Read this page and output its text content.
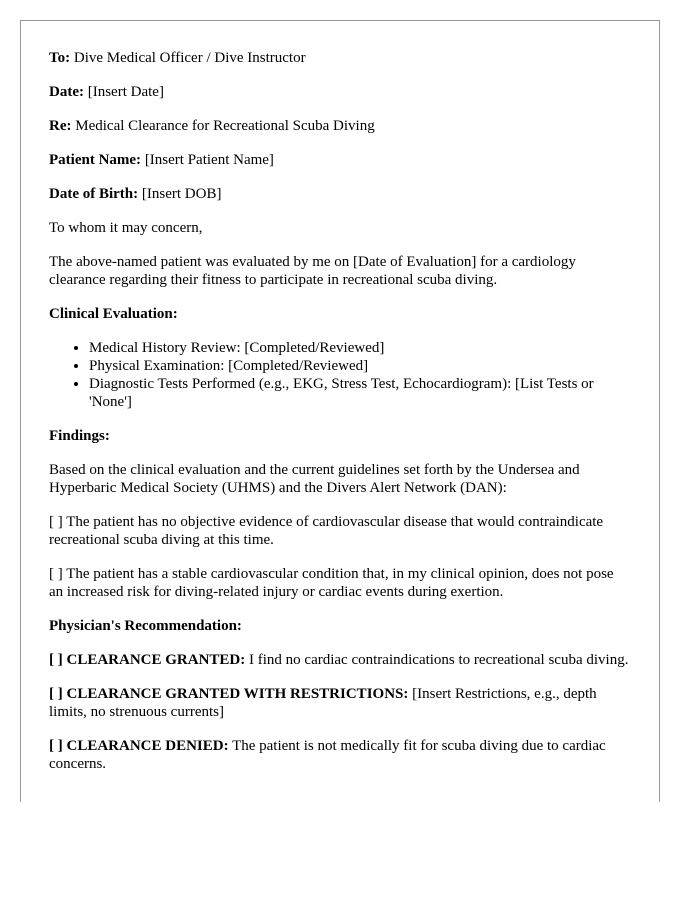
To: Dive Medical Officer / Dive Instructor

Date: [Insert Date]

Re: Medical Clearance for Recreational Scuba Diving

Patient Name: [Insert Patient Name]

Date of Birth: [Insert DOB]

To whom it may concern,

The above-named patient was evaluated by me on [Date of Evaluation] for a cardiology clearance regarding their fitness to participate in recreational scuba diving.

Clinical Evaluation:

• Medical History Review: [Completed/Reviewed]
• Physical Examination: [Completed/Reviewed]
• Diagnostic Tests Performed (e.g., EKG, Stress Test, Echocardiogram): [List Tests or 'None']

Findings:

Based on the clinical evaluation and the current guidelines set forth by the Undersea and Hyperbaric Medical Society (UHMS) and the Divers Alert Network (DAN):

[ ] The patient has no objective evidence of cardiovascular disease that would contraindicate recreational scuba diving at this time.

[ ] The patient has a stable cardiovascular condition that, in my clinical opinion, does not pose an increased risk for diving-related injury or cardiac events during exertion.

Physician's Recommendation:

[ ] CLEARANCE GRANTED: I find no cardiac contraindications to recreational scuba diving.

[ ] CLEARANCE GRANTED WITH RESTRICTIONS: [Insert Restrictions, e.g., depth limits, no strenuous currents]

[ ] CLEARANCE DENIED: The patient is not medically fit for scuba diving due to cardiac concerns.
